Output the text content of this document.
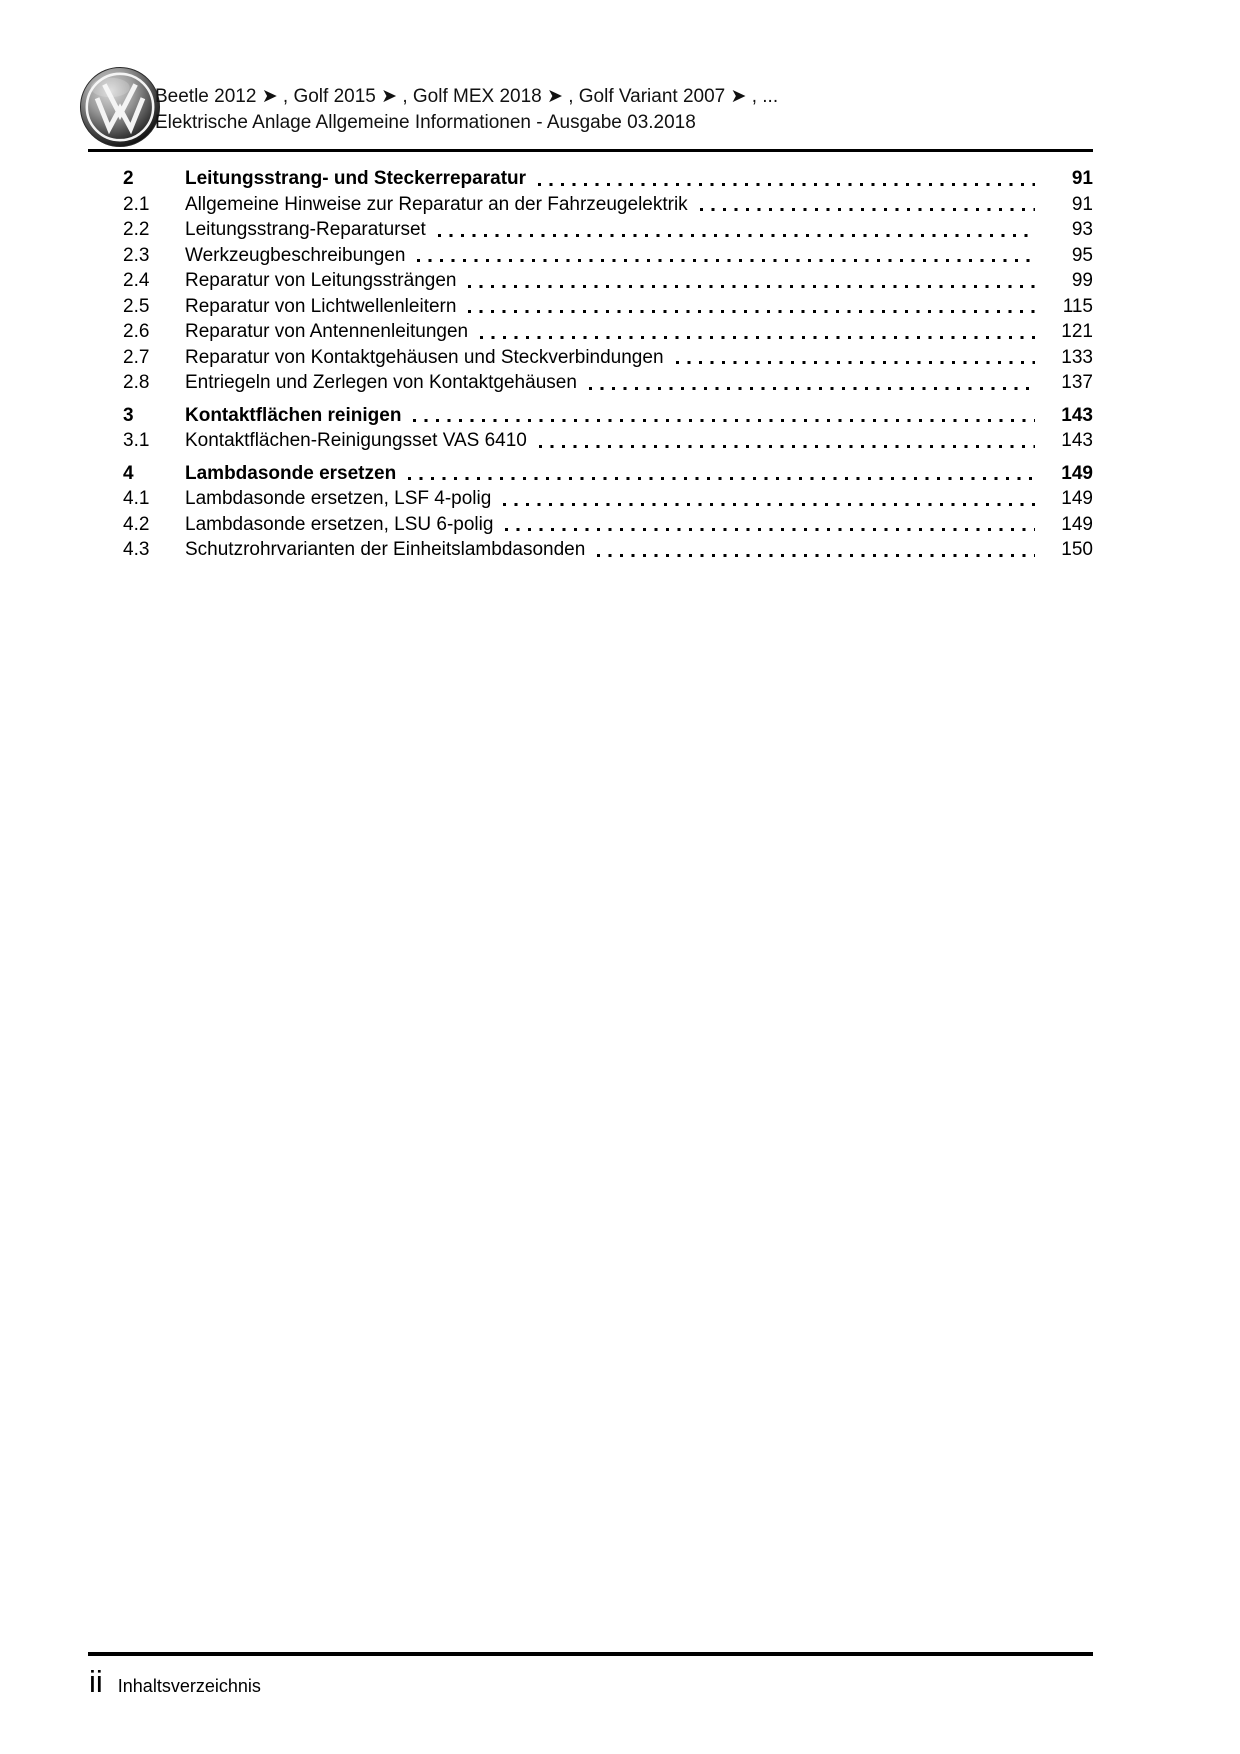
Beetle 2012 ➤ , Golf 2015 ➤ , Golf MEX 2018 ➤ , Golf Variant 2007 ➤ , ...
Elektrische Anlage Allgemeine Informationen - Ausgabe 03.2018
2	Leitungsstrang- und Steckerreparatur	91
2.1	Allgemeine Hinweise zur Reparatur an der Fahrzeugelektrik	91
2.2	Leitungsstrang-Reparaturset	93
2.3	Werkzeugbeschreibungen	95
2.4	Reparatur von Leitungssträngen	99
2.5	Reparatur von Lichtwellenleitern	115
2.6	Reparatur von Antennenleitungen	121
2.7	Reparatur von Kontaktgehäusen und Steckverbindungen	133
2.8	Entriegeln und Zerlegen von Kontaktgehäusen	137
3	Kontaktflächen reinigen	143
3.1	Kontaktflächen-Reinigungsset VAS 6410	143
4	Lambdasonde ersetzen	149
4.1	Lambdasonde ersetzen, LSF 4-polig	149
4.2	Lambdasonde ersetzen, LSU 6-polig	149
4.3	Schutzrohrvarianten der Einheitslambdasonden	150
ii Inhaltsverzeichnis
